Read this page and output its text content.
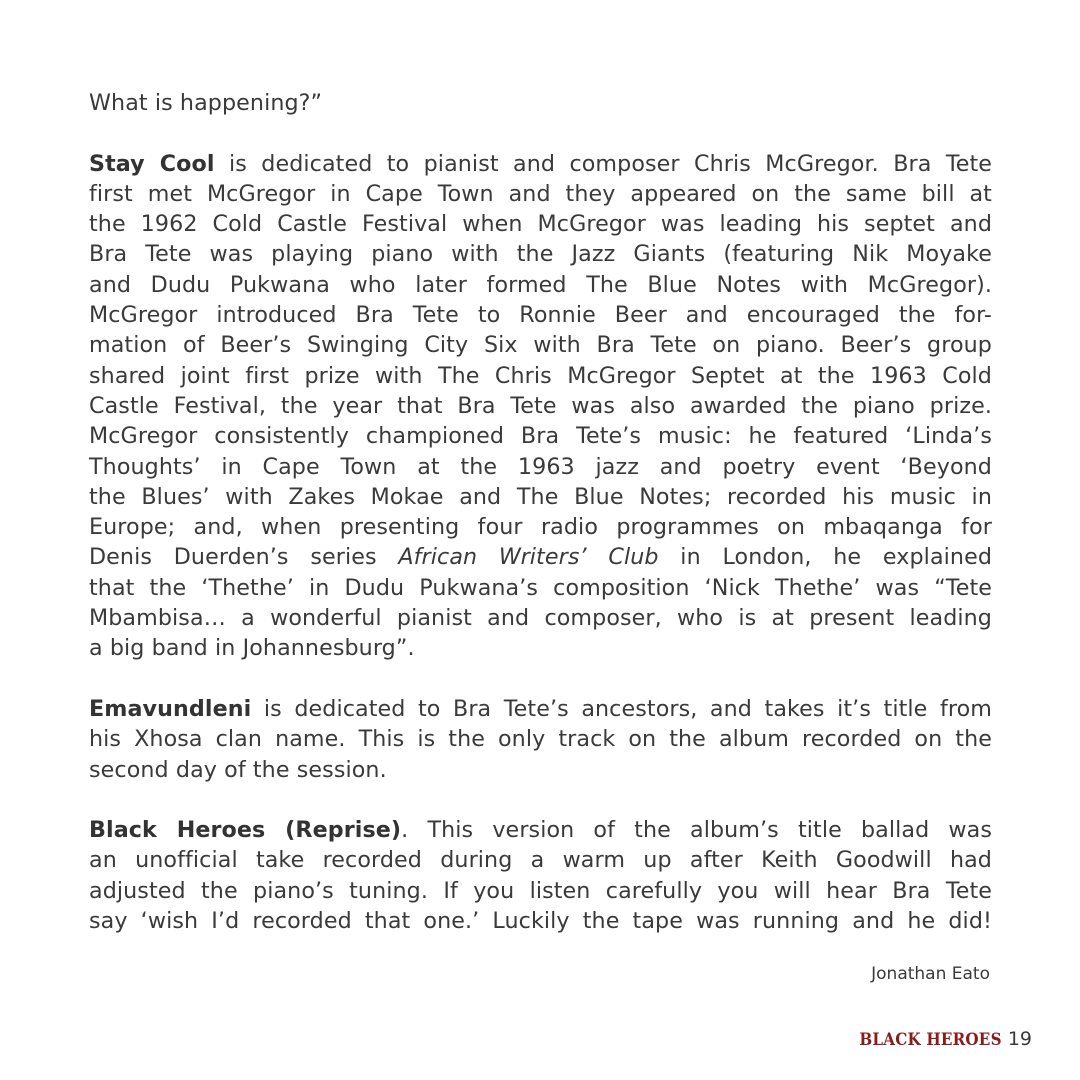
What is happening?”
Stay Cool is dedicated to pianist and composer Chris McGregor. Bra Tete
first met McGregor in Cape Town and they appeared on the same bill at
the 1962 Cold Castle Festival when McGregor was leading his septet and
Bra Tete was playing piano with the Jazz Giants (featuring Nik Moyake
and Dudu Pukwana who later formed The Blue Notes with McGregor).
McGregor introduced Bra Tete to Ronnie Beer and encouraged the for-
mation of Beer’s Swinging City Six with Bra Tete on piano. Beer’s group
shared joint first prize with The Chris McGregor Septet at the 1963 Cold
Castle Festival, the year that Bra Tete was also awarded the piano prize.
McGregor consistently championed Bra Tete’s music: he featured ‘Linda’s
Thoughts’ in Cape Town at the 1963 jazz and poetry event ‘Beyond
the Blues’ with Zakes Mokae and The Blue Notes; recorded his music in
Europe; and, when presenting four radio programmes on mbaqanga for
Denis Duerden’s series African Writers’ Club in London, he explained
that the ‘Thethe’ in Dudu Pukwana’s composition ‘Nick Thethe’ was “Tete
Mbambisa… a wonderful pianist and composer, who is at present leading
a big band in Johannesburg”.
Emavundleni is dedicated to Bra Tete’s ancestors, and takes it’s title from
his Xhosa clan name. This is the only track on the album recorded on the
second day of the session.
Black Heroes (Reprise). This version of the album’s title ballad was
an unofficial take recorded during a warm up after Keith Goodwill had
adjusted the piano’s tuning. If you listen carefully you will hear Bra Tete
say ‘wish I’d recorded that one.’ Luckily the tape was running and he did!
Jonathan Eato
BLACK HEROES 19
